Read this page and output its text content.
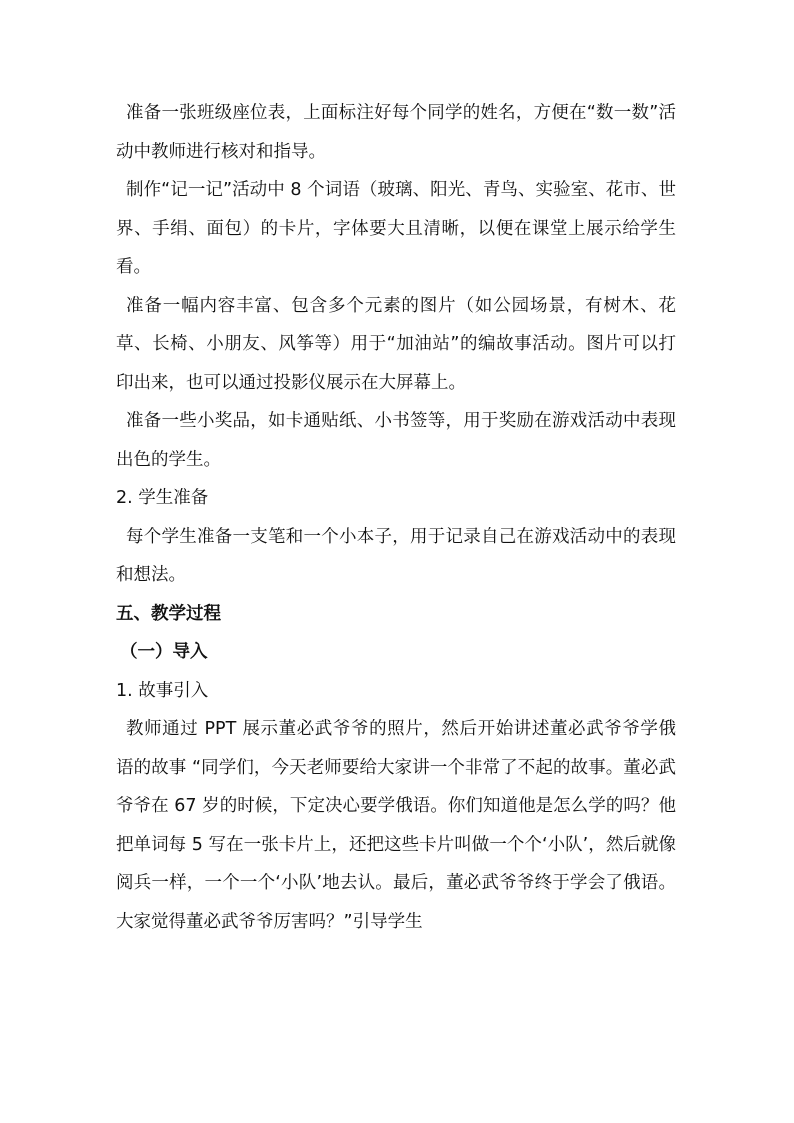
准备一张班级座位表，上面标注好每个同学的姓名，方便在“数一数”活动中教师进行核对和指导。

制作“记一记”活动中 8 个词语（玻璃、阳光、青鸟、实验室、花市、世界、手绢、面包）的卡片，字体要大且清晰，以便在课堂上展示给学生看。

准备一幅内容丰富、包含多个元素的图片（如公园场景，有树木、花草、长椅、小朋友、风筝等）用于“加油站”的编故事活动。图片可以打印出来，也可以通过投影仪展示在大屏幕上。

准备一些小奖品，如卡通贴纸、小书签等，用于奖励在游戏活动中表现出色的学生。

2. 学生准备

每个学生准备一支笔和一个小本子，用于记录自己在游戏活动中的表现和想法。

五、教学过程

（一）导入

1. 故事引入

教师通过 PPT 展示董必武爷爷的照片，然后开始讲述董必武爷爷学俄语的故事 “同学们，今天老师要给大家讲一个非常了不起的故事。董必武爷爷在 67 岁的时候，下定决心要学俄语。你们知道他是怎么学的吗？他把单词每 5 写在一张卡片上，还把这些卡片叫做一个个‘小队’，然后就像阅兵一样，一个一个‘小队’地去认。最后，董必武爷爷终于学会了俄语。大家觉得董必武爷爷厉害吗？”引导学生
